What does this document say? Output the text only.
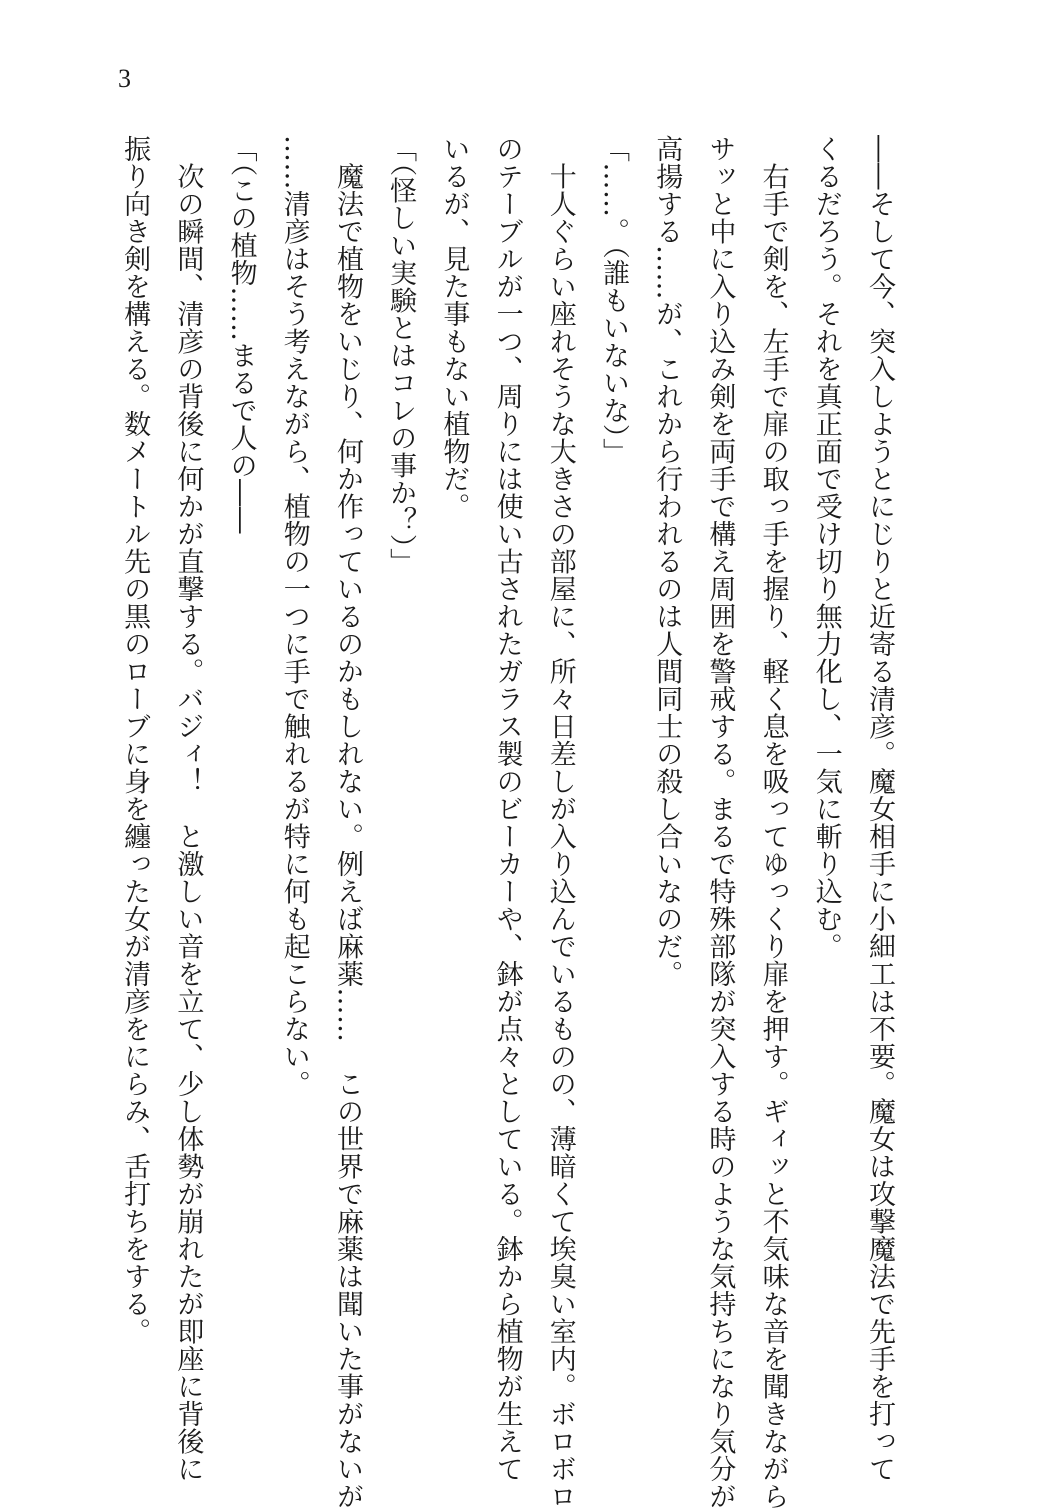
3
――そして今、突入しようとにじりと近寄る清彦。魔女相手に小細工は不要。魔女は攻撃魔法で先手を打って
くるだろう。それを真正面で受け切り無力化し、一気に斬り込む。
　右手で剣を、左手で扉の取っ手を握り、軽く息を吸ってゆっくり扉を押す。ギィッと不気味な音を聞きながら
サッと中に入り込み剣を両手で構え周囲を警戒する。まるで特殊部隊が突入する時のような気持ちになり気分が
高揚する……が、これから行われるのは人間同士の殺し合いなのだ。
「……。（誰もいないな）」
　十人ぐらい座れそうな大きさの部屋に、所々日差しが入り込んでいるものの、薄暗くて埃臭い室内。ボロボロ
のテーブルが一つ、周りには使い古されたガラス製のビーカーや、鉢が点々としている。鉢から植物が生えて
いるが、見た事もない植物だ。
「（怪しい実験とはコレの事か？）」
　魔法で植物をいじり、何か作っているのかもしれない。例えば麻薬……　この世界で麻薬は聞いた事がないが
……清彦はそう考えながら、植物の一つに手で触れるが特に何も起こらない。
「（この植物……まるで人の――
　次の瞬間、清彦の背後に何かが直撃する。バジィ！　と激しい音を立て、少し体勢が崩れたが即座に背後に
振り向き剣を構える。数メートル先の黒のローブに身を纏った女が清彦をにらみ、舌打ちをする。
